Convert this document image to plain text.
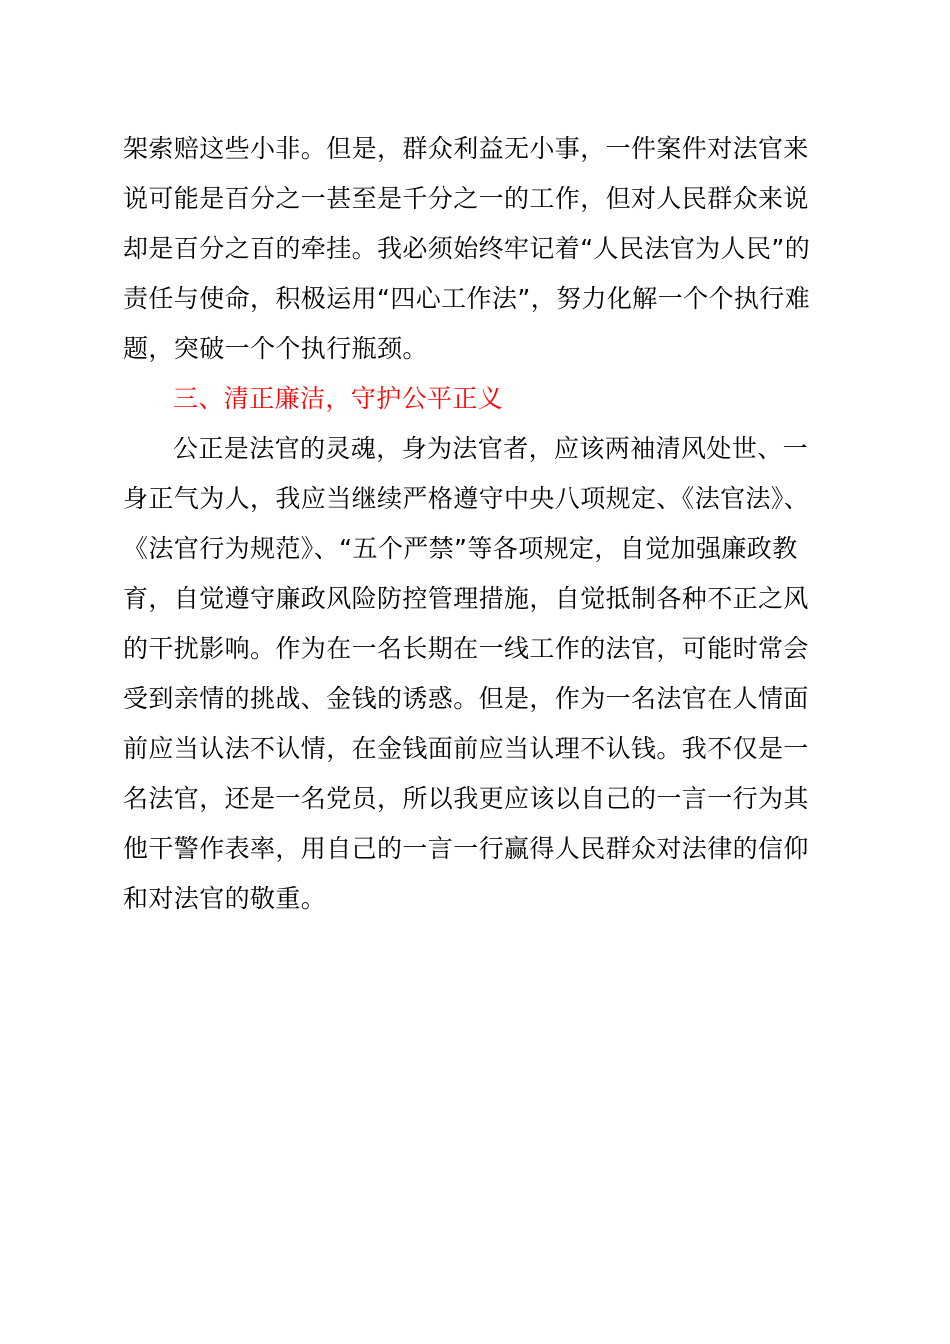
架索赔这些小非。但是，群众利益无小事，一件案件对法官来
说可能是百分之一甚至是千分之一的工作，但对人民群众来说
却是百分之百的牵挂。我必须始终牢记着“人民法官为人民”的
责任与使命，积极运用“四心工作法”，努力化解一个个执行难
题，突破一个个执行瓶颈。
三、清正廉洁，守护公平正义
公正是法官的灵魂，身为法官者，应该两袖清风处世、一
身正气为人，我应当继续严格遵守中央八项规定、《法官法》、
《法官行为规范》、“五个严禁”等各项规定，自觉加强廉政教
育，自觉遵守廉政风险防控管理措施，自觉抵制各种不正之风
的干扰影响。作为在一名长期在一线工作的法官，可能时常会
受到亲情的挑战、金钱的诱惑。但是，作为一名法官在人情面
前应当认法不认情，在金钱面前应当认理不认钱。我不仅是一
名法官，还是一名党员，所以我更应该以自己的一言一行为其
他干警作表率，用自己的一言一行赢得人民群众对法律的信仰
和对法官的敬重。
